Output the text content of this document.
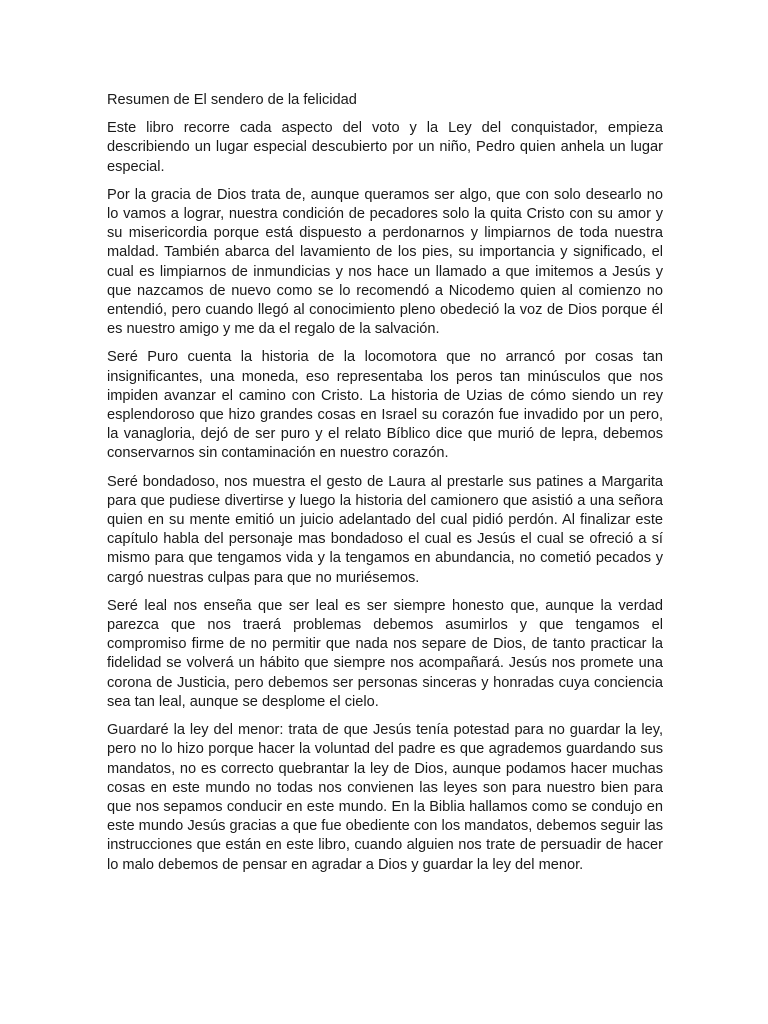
Resumen de El sendero de la felicidad

Este libro recorre cada aspecto del voto y la Ley del conquistador, empieza describiendo un lugar especial descubierto por un niño, Pedro quien anhela un lugar especial.

Por la gracia de Dios trata de, aunque queramos ser algo, que con solo desearlo no lo vamos a lograr, nuestra condición de pecadores solo la quita Cristo con su amor y su misericordia porque está dispuesto a perdonarnos y limpiarnos de toda nuestra maldad. También abarca del lavamiento de los pies, su importancia y significado, el cual es limpiarnos de inmundicias y nos hace un llamado a que imitemos a Jesús y que nazcamos de nuevo como se lo recomendó a Nicodemo quien al comienzo no entendió, pero cuando llegó al conocimiento pleno obedeció la voz de Dios porque él es nuestro amigo y me da el regalo de la salvación.

Seré Puro cuenta la historia de la locomotora que no arrancó por cosas tan insignificantes, una moneda, eso representaba los peros tan minúsculos que nos impiden avanzar el camino con Cristo. La historia de Uzias de cómo siendo un rey esplendoroso que hizo grandes cosas en Israel su corazón fue invadido por un pero, la vanagloria, dejó de ser puro y el relato Bíblico dice que murió de lepra, debemos conservarnos sin contaminación en nuestro corazón.

Seré bondadoso, nos muestra el gesto de Laura al prestarle sus patines a Margarita para que pudiese divertirse y luego la historia del camionero que asistió a una señora quien en su mente emitió un juicio adelantado del cual pidió perdón. Al finalizar este capítulo habla del personaje mas bondadoso el cual es Jesús el cual se ofreció a sí mismo para que tengamos vida y la tengamos en abundancia, no cometió pecados y cargó nuestras culpas para que no muriésemos.

Seré leal nos enseña que ser leal es ser siempre honesto que, aunque la verdad parezca que nos traerá problemas debemos asumirlos y que tengamos el compromiso firme de no permitir que nada nos separe de Dios, de tanto practicar la fidelidad se volverá un hábito que siempre nos acompañará. Jesús nos promete una corona de Justicia, pero debemos ser personas sinceras y honradas cuya conciencia sea tan leal, aunque se desplome el cielo.

Guardaré la ley del menor: trata de que Jesús tenía potestad para no guardar la ley, pero no lo hizo porque hacer la voluntad del padre es que agrademos guardando sus mandatos, no es correcto quebrantar la ley de Dios, aunque podamos hacer muchas cosas en este mundo no todas nos convienen las leyes son para nuestro bien para que nos sepamos conducir en este mundo. En la Biblia hallamos como se condujo en este mundo Jesús gracias a que fue obediente con los mandatos, debemos seguir las instrucciones que están en este libro, cuando alguien nos trate de persuadir de hacer lo malo debemos de pensar en agradar a Dios y guardar la ley del menor.
